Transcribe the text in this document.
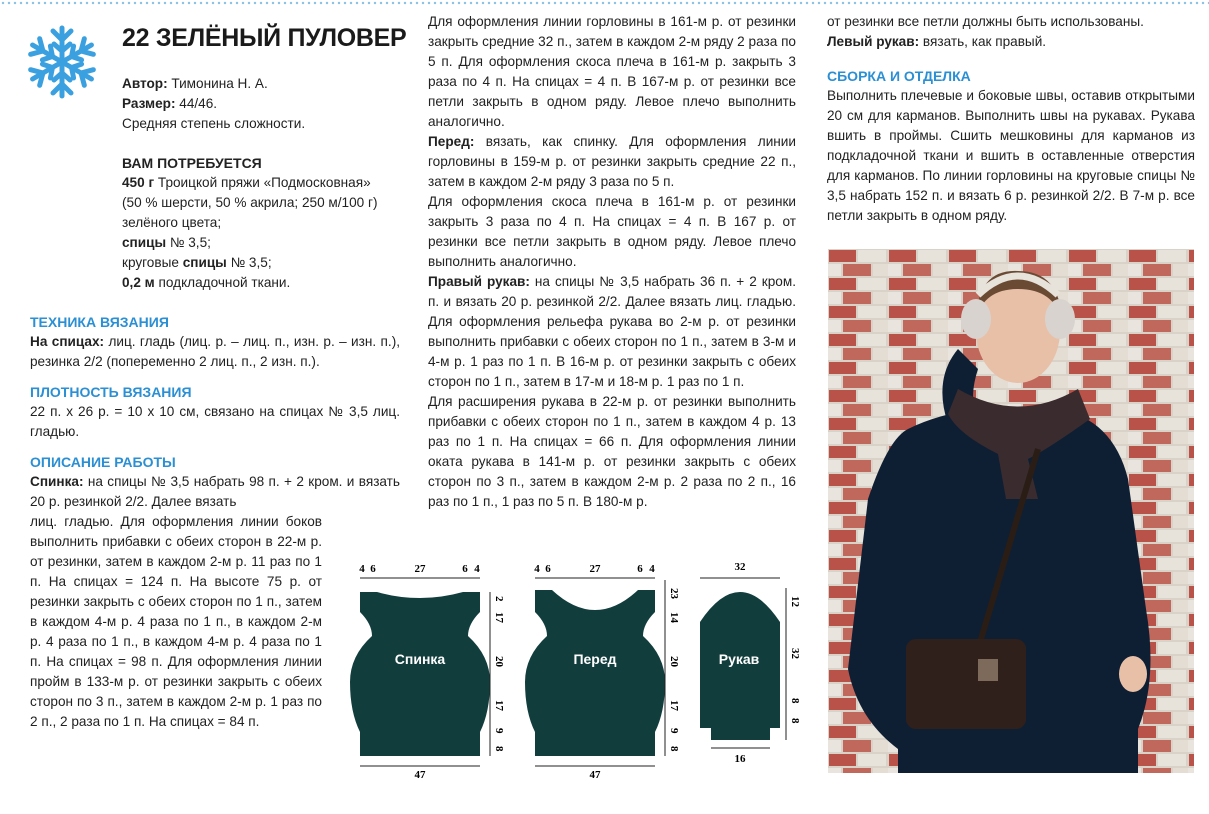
22 ЗЕЛЁНЫЙ ПУЛОВЕР

Автор: Тимонина Н. А.

Размер: 44/46.

Средняя степень сложности.

ВАМ ПОТРЕБУЕТСЯ

450 г Троицкой пряжи «Подмосковная»

(50 % шерсти, 50 % акрила; 250 м/100 г)

зелёного цвета;

спицы № 3,5;

круговые спицы № 3,5;

0,2 м подкладочной ткани.

ТЕХНИКА ВЯЗАНИЯ

На спицах: лиц. гладь (лиц. р. – лиц. п., изн. р. – изн. п.), резинка 2/2 (попеременно 2 лиц. п., 2 изн. п.).

ПЛОТНОСТЬ ВЯЗАНИЯ

22 п. x 26 р. = 10 x 10 см, связано на спицах № 3,5 лиц. гладью.

ОПИСАНИЕ РАБОТЫ

Спинка: на спицы № 3,5 набрать 98 п. + 2 кром. и вязать 20 р. резинкой 2/2. Далее вязать

лиц. гладью. Для оформления линии боков выполнить прибавки с обеих сторон в 22-м р. от резинки, затем в каждом 2-м р. 11 раз по 1 п. На спицах = 124 п. На высоте 75 р. от резинки закрыть с обеих сторон по 1 п., затем в каждом 4-м р. 4 раза по 1 п., в каждом 2-м р. 4 раза по 1 п., в каждом 4-м р. 4 раза по 1 п. На спицах = 98 п. Для оформления линии пройм в 133-м р. от резинки закрыть с обеих сторон по 3 п., затем в каждом 2-м р. 1 раз по 2 п., 2 раза по 1 п. На спицах = 84 п.

Для оформления линии горловины в 161-м р. от резинки закрыть средние 32 п., затем в каждом 2-м ряду 2 раза по 5 п. Для оформления скоса плеча в 161-м р. закрыть 3 раза по 4 п. На спицах = 4 п. В 167-м р. от резинки все петли закрыть в одном ряду. Левое плечо выполнить аналогично.

Перед: вязать, как спинку. Для оформления линии горловины в 159-м р. от резинки закрыть средние 22 п., затем в каждом 2-м ряду 3 раза по 5 п.

Для оформления скоса плеча в 161-м р. от резинки закрыть 3 раза по 4 п. На спицах = 4 п. В 167 р. от резинки все петли закрыть в одном ряду. Левое плечо выполнить аналогично.

Правый рукав: на спицы № 3,5 набрать 36 п. + 2 кром. п. и вязать 20 р. резинкой 2/2. Далее вязать лиц. гладью. Для оформления рельефа рукава во 2-м р. от резинки выполнить прибавки с обеих сторон по 1 п., затем в 3-м и 4-м р. 1 раз по 1 п. В 16-м р. от резинки закрыть с обеих сторон по 1 п., затем в 17-м и 18-м р. 1 раз по 1 п.

Для расширения рукава в 22-м р. от резинки выполнить прибавки с обеих сторон по 1 п., затем в каждом 4 р. 13 раз по 1 п. На спицах = 66 п. Для оформления линии оката рукава в 141-м р. от резинки закрыть с обеих сторон по 3 п., затем в каждом 2-м р. 2 раза по 2 п., 16 раз по 1 п., 1 раз по 5 п. В 180-м р.

от резинки все петли должны быть использованы.

Левый рукав: вязать, как правый.

СБОРКА И ОТДЕЛКА

Выполнить плечевые и боковые швы, оставив открытыми 20 см для карманов. Выполнить швы на рукавах. Рукава вшить в проймы. Сшить мешковины для карманов из подкладочной ткани и вшить в оставленные отверстия для карманов. По линии горловины на круговые спицы № 3,5 набрать 152 п. и вязать 6 р. резинкой 2/2. В 7-м р. все петли закрыть в одном ряду.

Спинка
4 6	27	6 4
47
Перед
4 6	27	6 4
47
Рукав
32
16
2
17
20
17
9
8
23
14
20
17
9
8
12
32
8
8
